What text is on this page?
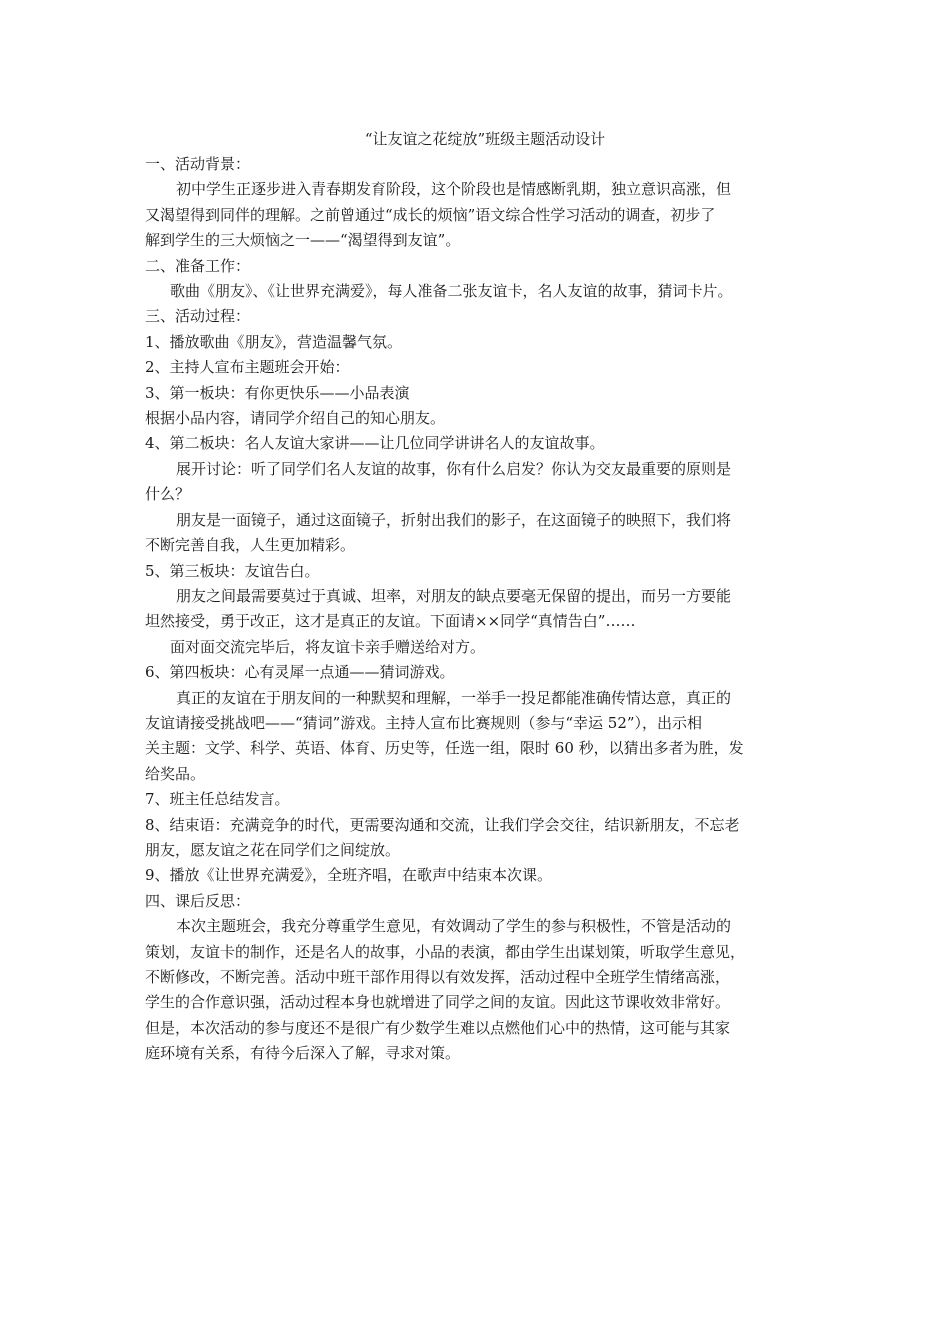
“让友谊之花绽放”班级主题活动设计

一、活动背景：

初中学生正逐步进入青春期发育阶段，这个阶段也是情感断乳期，独立意识高涨，但

又渴望得到同伴的理解。之前曾通过“成长的烦恼”语文综合性学习活动的调查，初步了

解到学生的三大烦恼之一——“渴望得到友谊”。

二、准备工作：

歌曲《朋友》、《让世界充满爱》，每人准备二张友谊卡，名人友谊的故事，猜词卡片。

三、活动过程：

1、播放歌曲《朋友》，营造温馨气氛。

2、主持人宣布主题班会开始：

3、第一板块：有你更快乐——小品表演

根据小品内容，请同学介绍自己的知心朋友。

4、第二板块：名人友谊大家讲——让几位同学讲讲名人的友谊故事。

展开讨论：听了同学们名人友谊的故事，你有什么启发？你认为交友最重要的原则是

什么？

朋友是一面镜子，通过这面镜子，折射出我们的影子，在这面镜子的映照下，我们将

不断完善自我，人生更加精彩。

5、第三板块：友谊告白。

朋友之间最需要莫过于真诚、坦率，对朋友的缺点要毫无保留的提出，而另一方要能

坦然接受，勇于改正，这才是真正的友谊。下面请××同学“真情告白”……

面对面交流完毕后，将友谊卡亲手赠送给对方。

6、第四板块：心有灵犀一点通——猜词游戏。

真正的友谊在于朋友间的一种默契和理解，一举手一投足都能准确传情达意，真正的

友谊请接受挑战吧——“猜词”游戏。主持人宣布比赛规则（参与“幸运 52”），出示相

关主题：文学、科学、英语、体育、历史等，任选一组，限时 60 秒，以猜出多者为胜，发

给奖品。

7、班主任总结发言。

8、结束语：充满竞争的时代，更需要沟通和交流，让我们学会交往，结识新朋友，不忘老

朋友，愿友谊之花在同学们之间绽放。

9、播放《让世界充满爱》，全班齐唱，在歌声中结束本次课。

四、课后反思：

本次主题班会，我充分尊重学生意见，有效调动了学生的参与积极性，不管是活动的

策划，友谊卡的制作，还是名人的故事，小品的表演，都由学生出谋划策，听取学生意见，

不断修改，不断完善。活动中班干部作用得以有效发挥，活动过程中全班学生情绪高涨，

学生的合作意识强，活动过程本身也就增进了同学之间的友谊。因此这节课收效非常好。

但是，本次活动的参与度还不是很广有少数学生难以点燃他们心中的热情，这可能与其家

庭环境有关系，有待今后深入了解，寻求对策。
